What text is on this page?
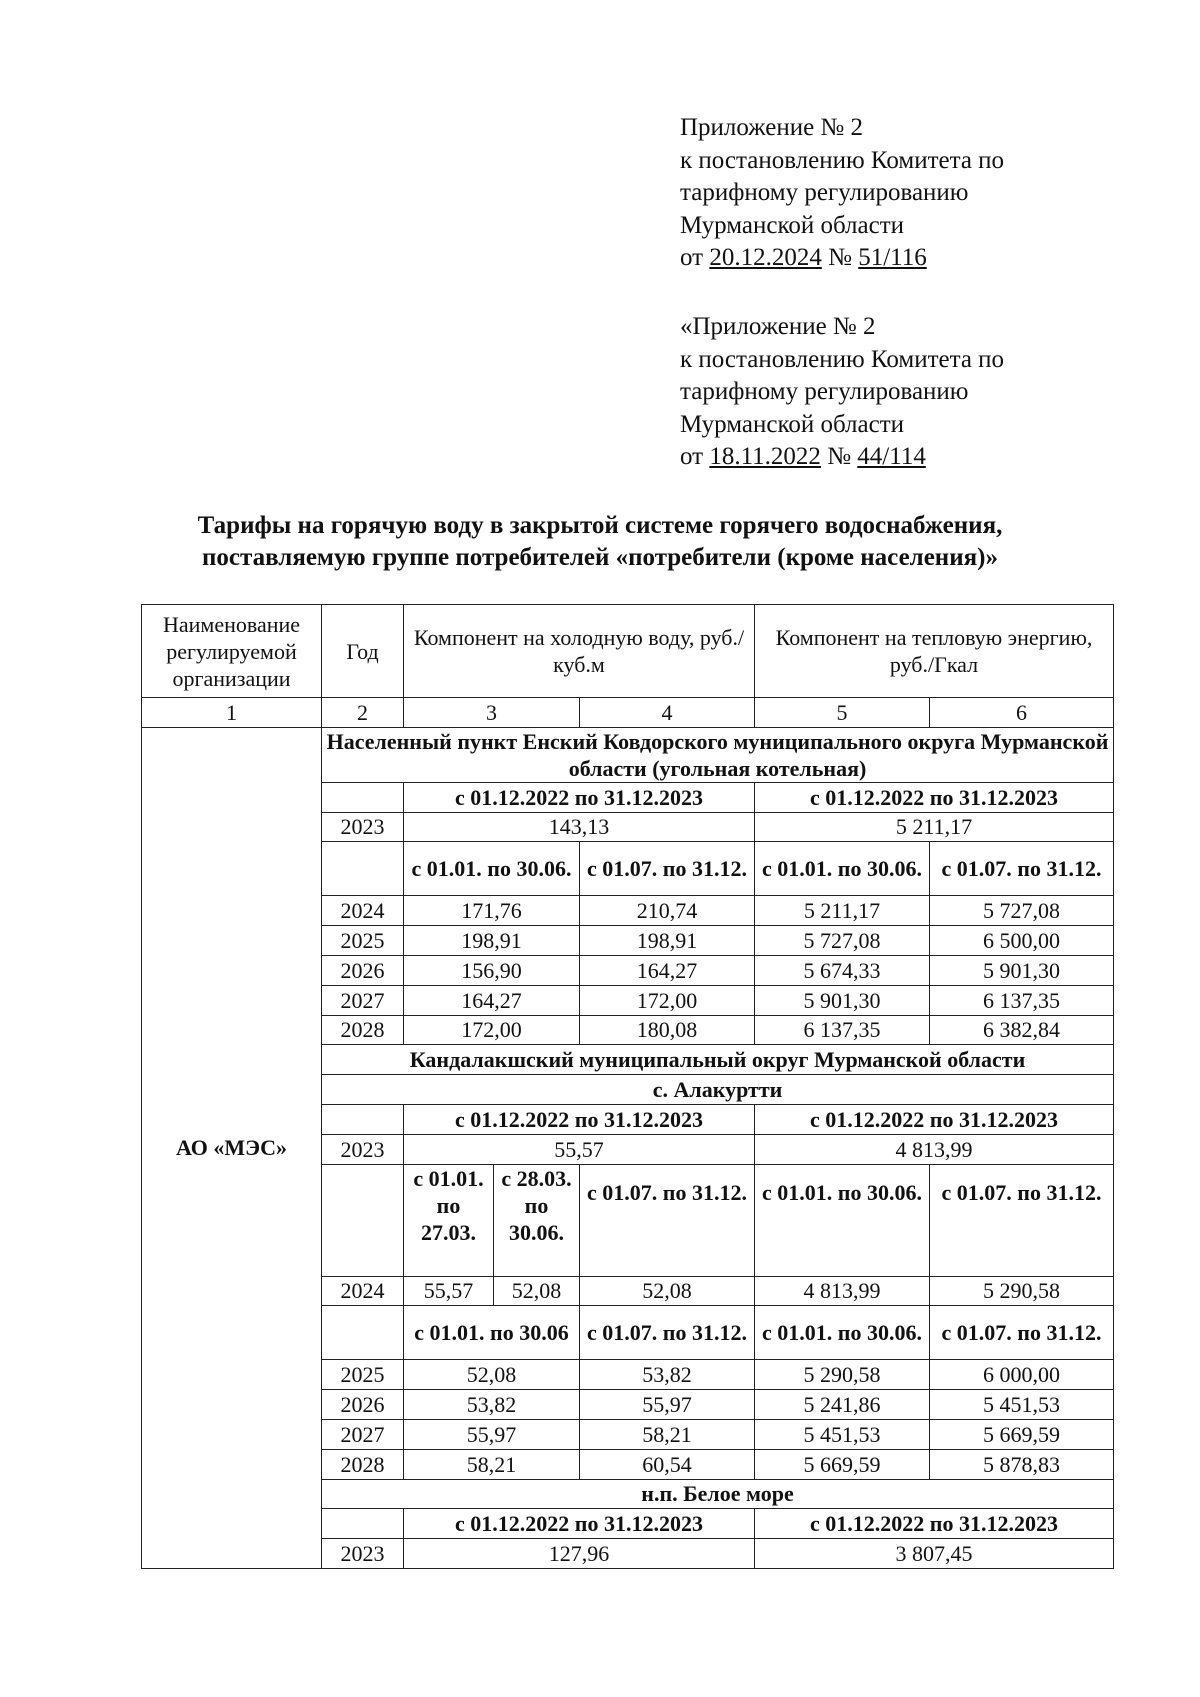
Приложение № 2
к постановлению Комитета по
тарифному регулированию
Мурманской области
от 20.12.2024 № 51/116
«Приложение № 2
к постановлению Комитета по
тарифному регулированию
Мурманской области
от 18.11.2022 № 44/114
Тарифы на горячую воду в закрытой системе горячего водоснабжения,
поставляемую группе потребителей «потребители (кроме населения)»
Наименование регулируемой организации	Год	Компонент на холодную воду, руб./куб.м			Компонент на тепловую энергию, руб./Гкал	
1	2	3		4	5	6
АО «МЭС»	Населенный пункт Енский Ковдорского муниципального округа Мурманской области (угольная котельная)					
		с 01.12.2022 по 31.12.2023			с 01.12.2022 по 31.12.2023	
	2023	143,13			5 211,17	
		с 01.01. по 30.06.		с 01.07. по 31.12.	с 01.01. по 30.06.	с 01.07. по 31.12.
	2024	171,76		210,74	5 211,17	5 727,08
	2025	198,91		198,91	5 727,08	6 500,00
	2026	156,90		164,27	5 674,33	5 901,30
	2027	164,27		172,00	5 901,30	6 137,35
	2028	172,00		180,08	6 137,35	6 382,84
	Кандалакшский муниципальный округ Мурманской области					
	с. Алакуртти					
		с 01.12.2022 по 31.12.2023			с 01.12.2022 по 31.12.2023	
	2023	55,57			4 813,99	
		с 01.01. по 27.03.	с 28.03. по 30.06.	с 01.07. по 31.12.	с 01.01. по 30.06.	с 01.07. по 31.12.
	2024	55,57	52,08	52,08	4 813,99	5 290,58
		с 01.01. по 30.06		с 01.07. по 31.12.	с 01.01. по 30.06.	с 01.07. по 31.12.
	2025	52,08		53,82	5 290,58	6 000,00
	2026	53,82		55,97	5 241,86	5 451,53
	2027	55,97		58,21	5 451,53	5 669,59
	2028	58,21		60,54	5 669,59	5 878,83
	н.п. Белое море					
		с 01.12.2022 по 31.12.2023			с 01.12.2022 по 31.12.2023	
	2023	127,96			3 807,45	
